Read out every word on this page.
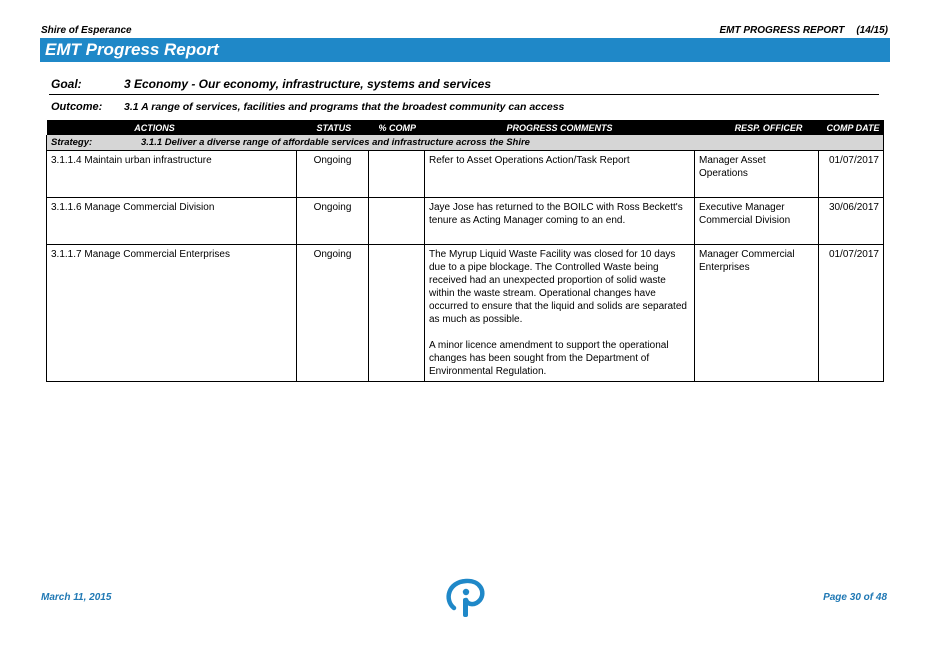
Shire of Esperance	EMT PROGRESS REPORT (14/15)
EMT Progress Report
Goal:	3 Economy - Our economy, infrastructure, systems and services
Outcome: 3.1 A range of services, facilities and programs that the broadest community can access
ACTIONS	STATUS	% COMP	PROGRESS COMMENTS	RESP. OFFICER	COMP DATE
Strategy: 3.1.1 Deliver a diverse range of affordable services and infrastructure across the Shire					
3.1.1.4 Maintain urban infrastructure	Ongoing		Refer to Asset Operations Action/Task Report	Manager Asset Operations	01/07/2017
3.1.1.6 Manage Commercial Division	Ongoing		Jaye Jose has returned to the BOILC with Ross Beckett's tenure as Acting Manager coming to an end.	Executive Manager Commercial Division	30/06/2017
3.1.1.7 Manage Commercial Enterprises	Ongoing		The Myrup Liquid Waste Facility was closed for 10 days due to a pipe blockage. The Controlled Waste being received had an unexpected proportion of solid waste within the waste stream. Operational changes have occurred to ensure that the liquid and solids are separated as much as possible.
A minor licence amendment to support the operational changes has been sought from the Department of Environmental Regulation.	Manager Commercial Enterprises	01/07/2017
March 11, 2015	Page 30 of 48
